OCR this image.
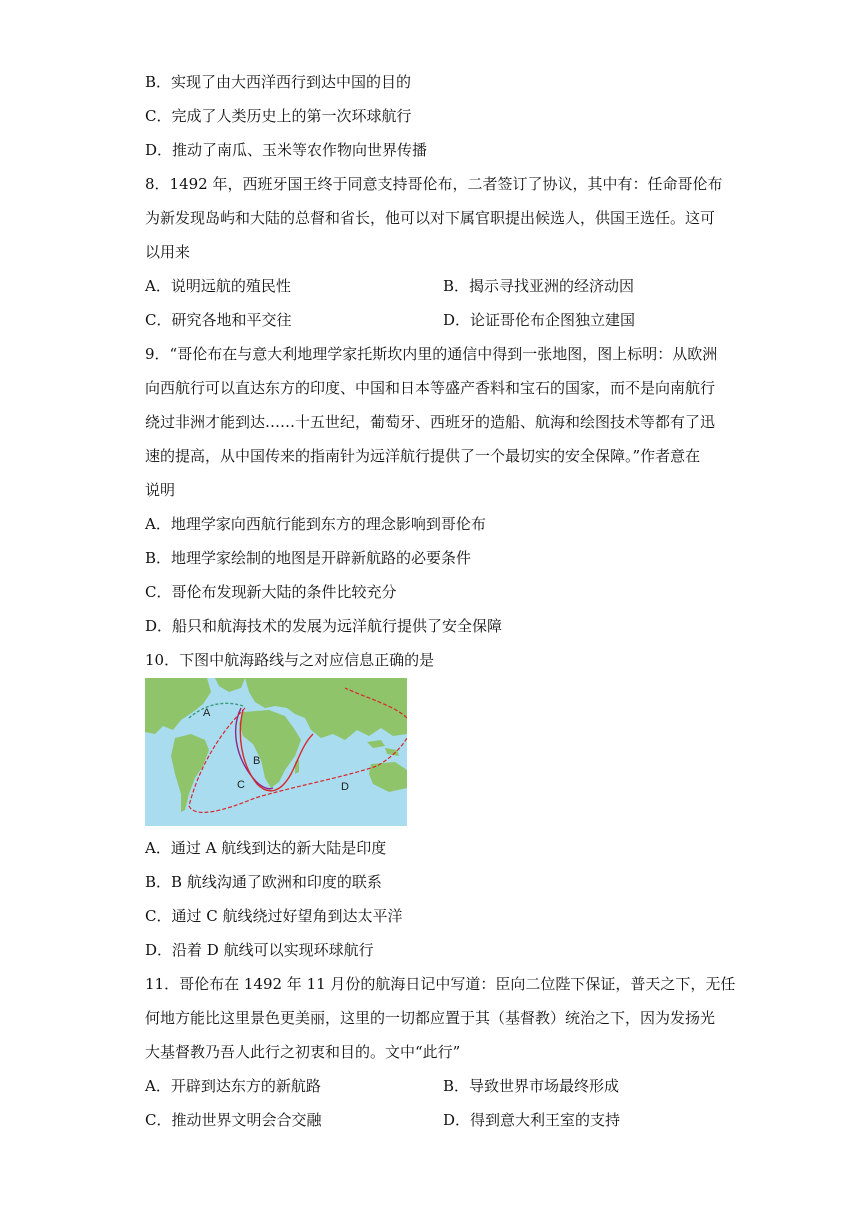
B．实现了由大西洋西行到达中国的目的
C．完成了人类历史上的第一次环球航行
D．推动了南瓜、玉米等农作物向世界传播
8．1492 年，西班牙国王终于同意支持哥伦布，二者签订了协议，其中有：任命哥伦布
为新发现岛屿和大陆的总督和省长，他可以对下属官职提出候选人，供国王选任。这可
以用来
A．说明远航的殖民性	B．揭示寻找亚洲的经济动因
C．研究各地和平交往	D．论证哥伦布企图独立建国
9．“哥伦布在与意大利地理学家托斯坎内里的通信中得到一张地图，图上标明：从欧洲
向西航行可以直达东方的印度、中国和日本等盛产香料和宝石的国家，而不是向南航行
绕过非洲才能到达……十五世纪，葡萄牙、西班牙的造船、航海和绘图技术等都有了迅
速的提高，从中国传来的指南针为远洋航行提供了一个最切实的安全保障。”作者意在
说明
A．地理学家向西航行能到东方的理念影响到哥伦布
B．地理学家绘制的地图是开辟新航路的必要条件
C．哥伦布发现新大陆的条件比较充分
D．船只和航海技术的发展为远洋航行提供了安全保障
10．下图中航海路线与之对应信息正确的是
A
B
C	D
A．通过 A 航线到达的新大陆是印度
B．B 航线沟通了欧洲和印度的联系
C．通过 C 航线绕过好望角到达太平洋
D．沿着 D 航线可以实现环球航行
11．哥伦布在 1492 年 11 月份的航海日记中写道：臣向二位陛下保证，普天之下，无任
何地方能比这里景色更美丽，这里的一切都应置于其（基督教）统治之下，因为发扬光
大基督教乃吾人此行之初衷和目的。文中“此行”
A．开辟到达东方的新航路	B．导致世界市场最终形成
C．推动世界文明会合交融	D．得到意大利王室的支持
